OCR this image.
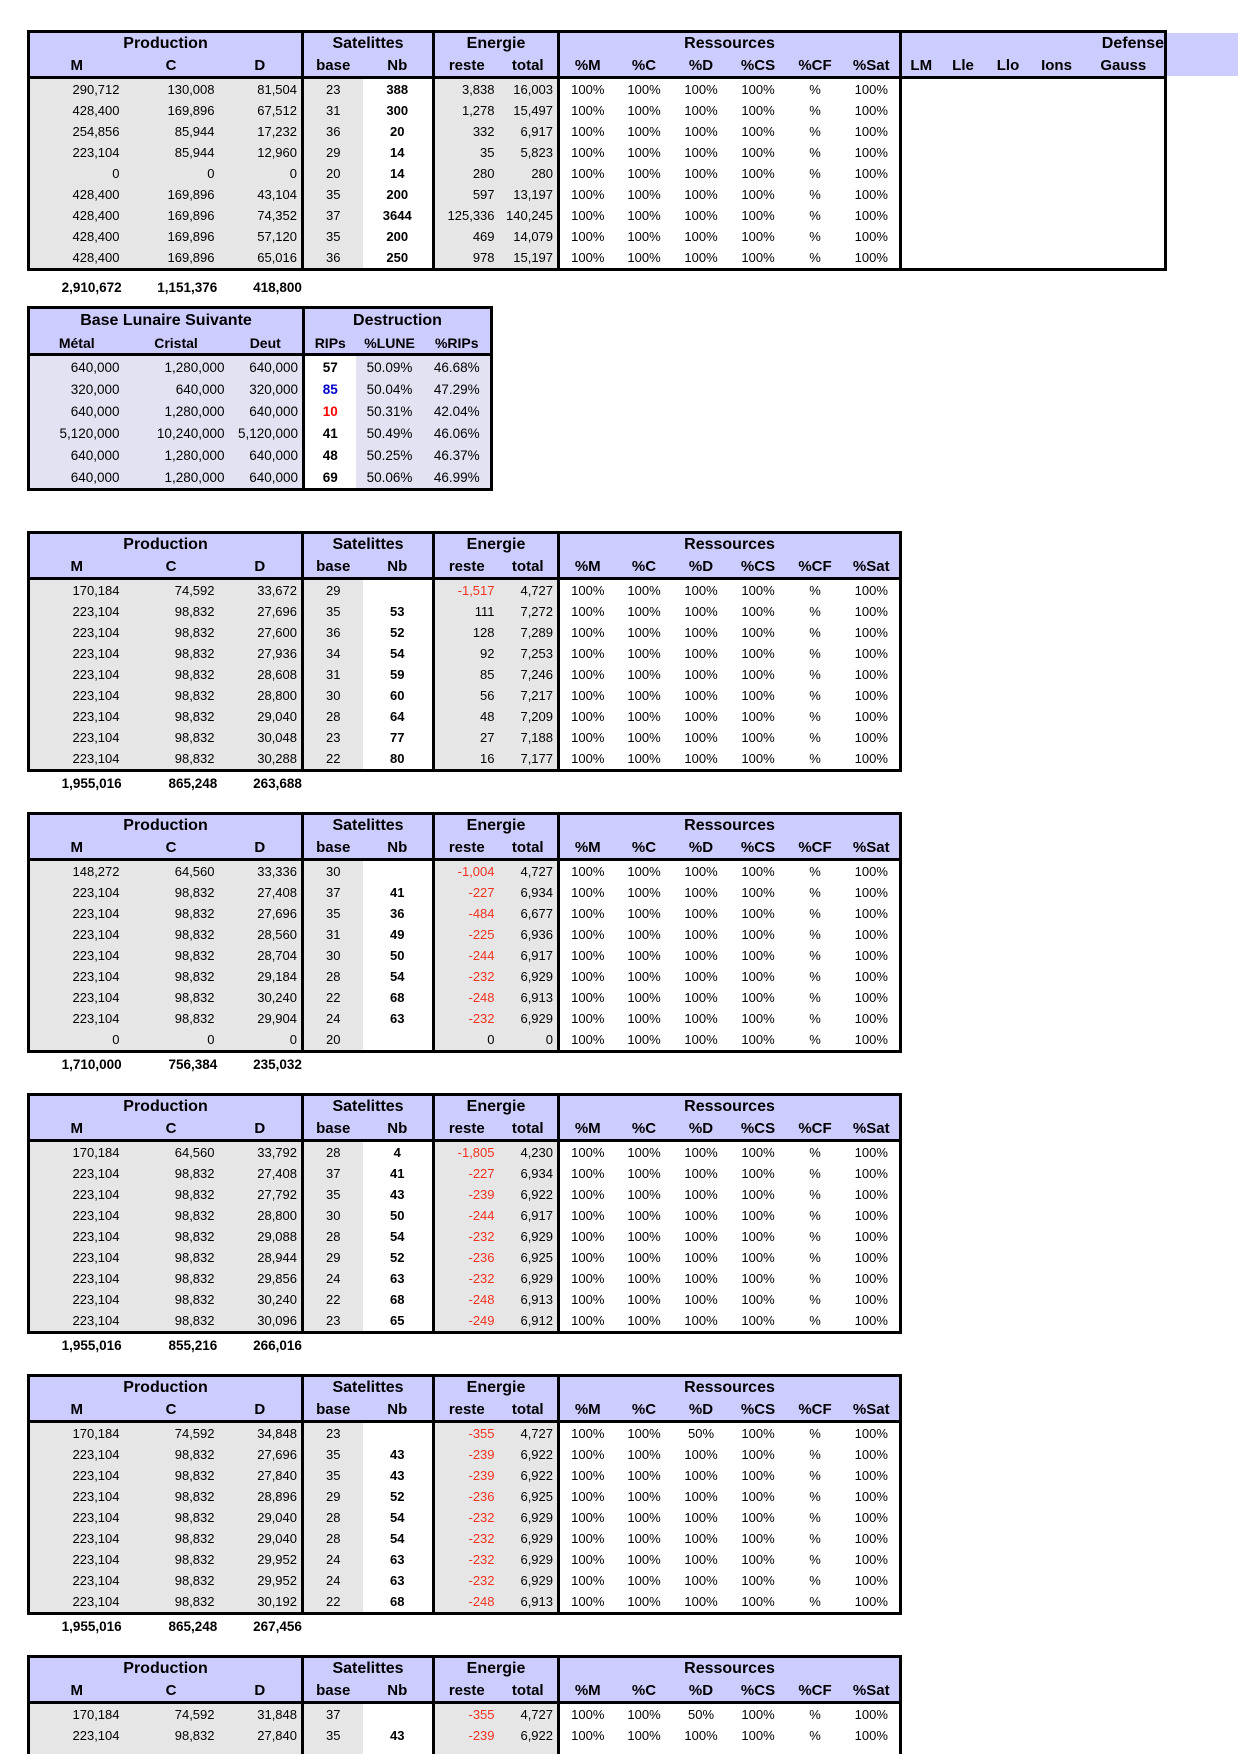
Production			Satelittes		Energie		Ressources						Defense				
M	C	D	base	Nb	reste	total	%M	%C	%D	%CS	%CF	%Sat	LM	Lle	Llo	Ions	Gauss
290,712	130,008	81,504	23	388	3,838	16,003	100%	100%	100%	100%	%	100%					
428,400	169,896	67,512	31	300	1,278	15,497	100%	100%	100%	100%	%	100%					
254,856	85,944	17,232	36	20	332	6,917	100%	100%	100%	100%	%	100%					
223,104	85,944	12,960	29	14	35	5,823	100%	100%	100%	100%	%	100%					
0	0	0	20	14	280	280	100%	100%	100%	100%	%	100%					
428,400	169,896	43,104	35	200	597	13,197	100%	100%	100%	100%	%	100%					
428,400	169,896	74,352	37	3644	125,336	140,245	100%	100%	100%	100%	%	100%					
428,400	169,896	57,120	35	200	469	14,079	100%	100%	100%	100%	%	100%					
428,400	169,896	65,016	36	250	978	15,197	100%	100%	100%	100%	%	100%					
2,910,672	1,151,376	418,800	
Base Lunaire Suivante			Destruction		
Métal	Cristal	Deut	RIPs	%LUNE	%RIPs
640,000	1,280,000	640,000	57	50.09%	46.68%
320,000	640,000	320,000	85	50.04%	47.29%
640,000	1,280,000	640,000	10	50.31%	42.04%
5,120,000	10,240,000	5,120,000	41	50.49%	46.06%
640,000	1,280,000	640,000	48	50.25%	46.37%
640,000	1,280,000	640,000	69	50.06%	46.99%
Production			Satelittes		Energie		Ressources					
M	C	D	base	Nb	reste	total	%M	%C	%D	%CS	%CF	%Sat
170,184	74,592	33,672	29		-1,517	4,727	100%	100%	100%	100%	%	100%
223,104	98,832	27,696	35	53	111	7,272	100%	100%	100%	100%	%	100%
223,104	98,832	27,600	36	52	128	7,289	100%	100%	100%	100%	%	100%
223,104	98,832	27,936	34	54	92	7,253	100%	100%	100%	100%	%	100%
223,104	98,832	28,608	31	59	85	7,246	100%	100%	100%	100%	%	100%
223,104	98,832	28,800	30	60	56	7,217	100%	100%	100%	100%	%	100%
223,104	98,832	29,040	28	64	48	7,209	100%	100%	100%	100%	%	100%
223,104	98,832	30,048	23	77	27	7,188	100%	100%	100%	100%	%	100%
223,104	98,832	30,288	22	80	16	7,177	100%	100%	100%	100%	%	100%
1,955,016	865,248	263,688	
Production			Satelittes		Energie		Ressources					
M	C	D	base	Nb	reste	total	%M	%C	%D	%CS	%CF	%Sat
148,272	64,560	33,336	30		-1,004	4,727	100%	100%	100%	100%	%	100%
223,104	98,832	27,408	37	41	-227	6,934	100%	100%	100%	100%	%	100%
223,104	98,832	27,696	35	36	-484	6,677	100%	100%	100%	100%	%	100%
223,104	98,832	28,560	31	49	-225	6,936	100%	100%	100%	100%	%	100%
223,104	98,832	28,704	30	50	-244	6,917	100%	100%	100%	100%	%	100%
223,104	98,832	29,184	28	54	-232	6,929	100%	100%	100%	100%	%	100%
223,104	98,832	30,240	22	68	-248	6,913	100%	100%	100%	100%	%	100%
223,104	98,832	29,904	24	63	-232	6,929	100%	100%	100%	100%	%	100%
0	0	0	20		0	0	100%	100%	100%	100%	%	100%
1,710,000	756,384	235,032	
Production			Satelittes		Energie		Ressources					
M	C	D	base	Nb	reste	total	%M	%C	%D	%CS	%CF	%Sat
170,184	64,560	33,792	28	4	-1,805	4,230	100%	100%	100%	100%	%	100%
223,104	98,832	27,408	37	41	-227	6,934	100%	100%	100%	100%	%	100%
223,104	98,832	27,792	35	43	-239	6,922	100%	100%	100%	100%	%	100%
223,104	98,832	28,800	30	50	-244	6,917	100%	100%	100%	100%	%	100%
223,104	98,832	29,088	28	54	-232	6,929	100%	100%	100%	100%	%	100%
223,104	98,832	28,944	29	52	-236	6,925	100%	100%	100%	100%	%	100%
223,104	98,832	29,856	24	63	-232	6,929	100%	100%	100%	100%	%	100%
223,104	98,832	30,240	22	68	-248	6,913	100%	100%	100%	100%	%	100%
223,104	98,832	30,096	23	65	-249	6,912	100%	100%	100%	100%	%	100%
1,955,016	855,216	266,016	
Production			Satelittes		Energie		Ressources					
M	C	D	base	Nb	reste	total	%M	%C	%D	%CS	%CF	%Sat
170,184	74,592	34,848	23		-355	4,727	100%	100%	50%	100%	%	100%
223,104	98,832	27,696	35	43	-239	6,922	100%	100%	100%	100%	%	100%
223,104	98,832	27,840	35	43	-239	6,922	100%	100%	100%	100%	%	100%
223,104	98,832	28,896	29	52	-236	6,925	100%	100%	100%	100%	%	100%
223,104	98,832	29,040	28	54	-232	6,929	100%	100%	100%	100%	%	100%
223,104	98,832	29,040	28	54	-232	6,929	100%	100%	100%	100%	%	100%
223,104	98,832	29,952	24	63	-232	6,929	100%	100%	100%	100%	%	100%
223,104	98,832	29,952	24	63	-232	6,929	100%	100%	100%	100%	%	100%
223,104	98,832	30,192	22	68	-248	6,913	100%	100%	100%	100%	%	100%
1,955,016	865,248	267,456	
Production			Satelittes		Energie		Ressources					
M	C	D	base	Nb	reste	total	%M	%C	%D	%CS	%CF	%Sat
170,184	74,592	31,848	37		-355	4,727	100%	100%	50%	100%	%	100%
223,104	98,832	27,840	35	43	-239	6,922	100%	100%	100%	100%	%	100%
